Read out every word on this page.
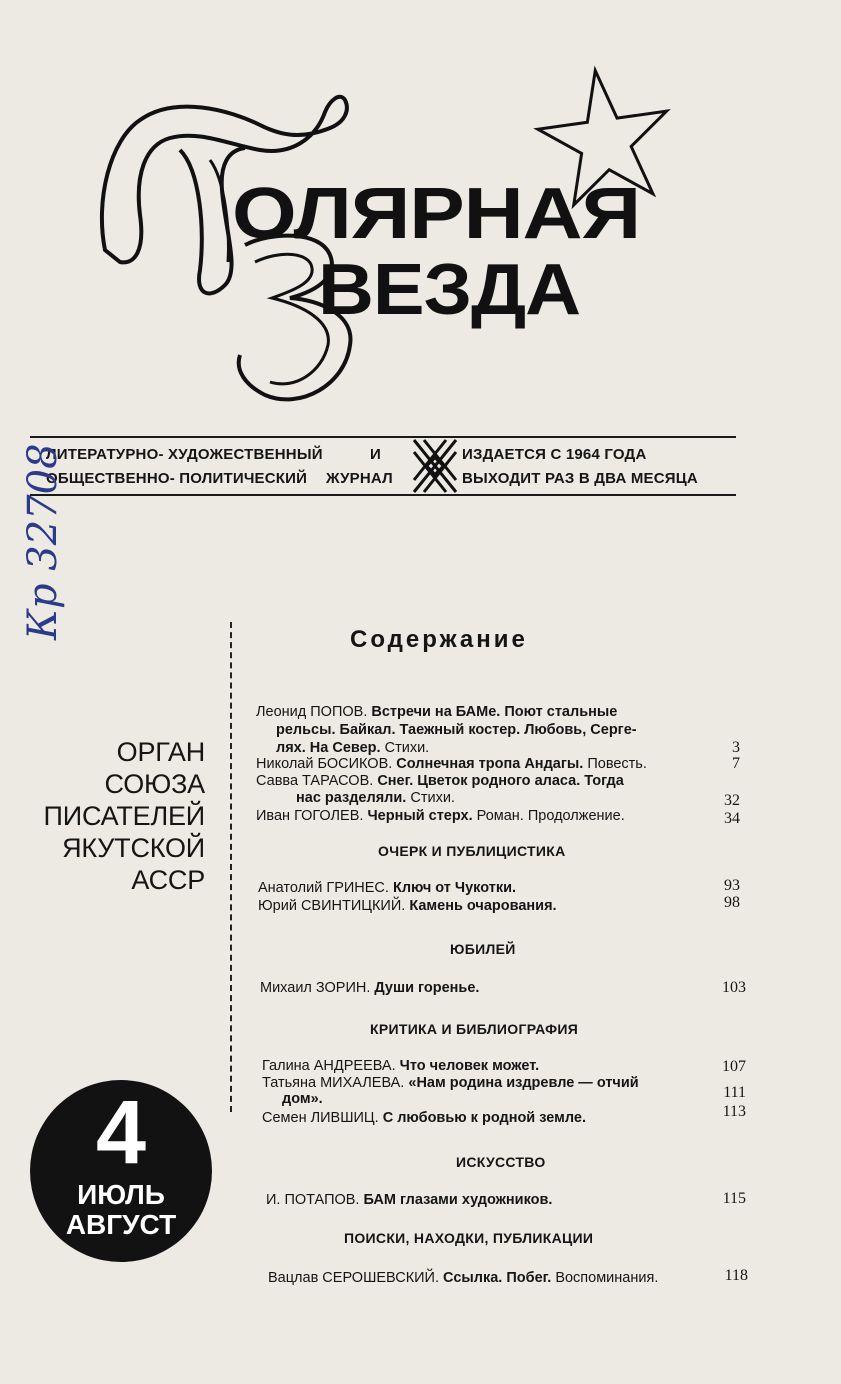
ОЛЯРНАЯ
ВЕЗДА
ЛИТЕРАТУРНО- ХУДОЖЕСТВЕННЫЙ	И
ОБЩЕСТВЕННО- ПОЛИТИЧЕСКИЙ ЖУРНАЛ
ИЗДАЕТСЯ С 1964 ГОДА
ВЫХОДИТ РАЗ В ДВА МЕСЯЦА
Кр 32708
ОРГАН
СОЮЗА
ПИСАТЕЛЕЙ
ЯКУТСКОЙ
АССР
4
ИЮЛЬ
АВГУСТ
Содержание
Леонид ПОПОВ. Встречи на БАМе. Поют стальные
рельсы. Байкал. Таежный костер. Любовь, Серге-
лях. На Север. Стихи.	3
Николай БОСИКОВ. Солнечная тропа Андагы. Повесть.	7
Савва ТАРАСОВ. Снег. Цветок родного аласа. Тогда
нас разделяли. Стихи.	32
Иван ГОГОЛЕВ. Черный стерх. Роман. Продолжение.	34
ОЧЕРК И ПУБЛИЦИСТИКА
Анатолий ГРИНЕС. Ключ от Чукотки.	93
Юрий СВИНТИЦКИЙ. Камень очарования.	98
ЮБИЛЕЙ
Михаил ЗОРИН. Души горенье.	103
КРИТИКА И БИБЛИОГРАФИЯ
Галина АНДРЕЕВА. Что человек может.	107
Татьяна МИХАЛЕВА. «Нам родина издревле — отчий
дом».	111
Семен ЛИВШИЦ. С любовью к родной земле.	113
ИСКУССТВО
И. ПОТАПОВ. БАМ глазами художников.	115
ПОИСКИ, НАХОДКИ, ПУБЛИКАЦИИ
Вацлав СЕРОШЕВСКИЙ. Ссылка. Побег. Воспоминания.	118
